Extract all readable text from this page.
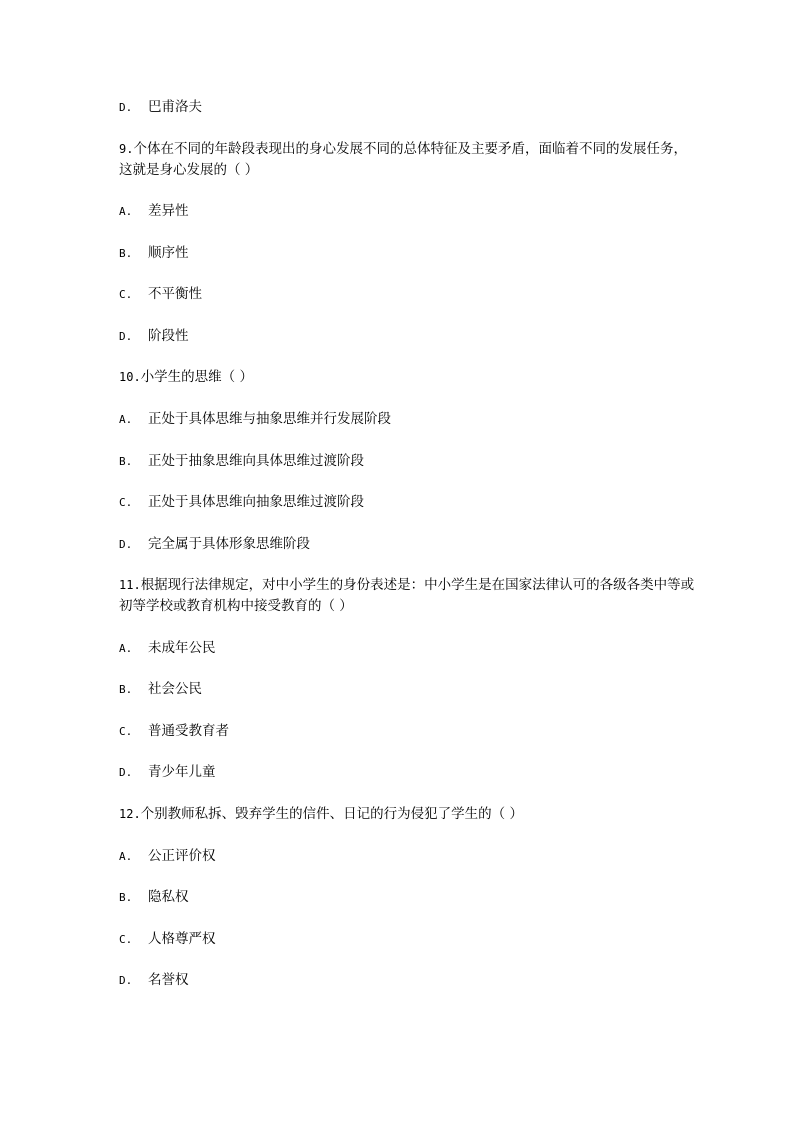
D. 巴甫洛夫
9.个体在不同的年龄段表现出的身心发展不同的总体特征及主要矛盾，面临着不同的发展任务，这就是身心发展的（ ）
A. 差异性
B. 顺序性
C. 不平衡性
D. 阶段性
10.小学生的思维（ ）
A. 正处于具体思维与抽象思维并行发展阶段
B. 正处于抽象思维向具体思维过渡阶段
C. 正处于具体思维向抽象思维过渡阶段
D. 完全属于具体形象思维阶段
11.根据现行法律规定，对中小学生的身份表述是：中小学生是在国家法律认可的各级各类中等或初等学校或教育机构中接受教育的（ ）
A. 未成年公民
B. 社会公民
C. 普通受教育者
D. 青少年儿童
12.个别教师私拆、毁弃学生的信件、日记的行为侵犯了学生的（ ）
A. 公正评价权
B. 隐私权
C. 人格尊严权
D. 名誉权
